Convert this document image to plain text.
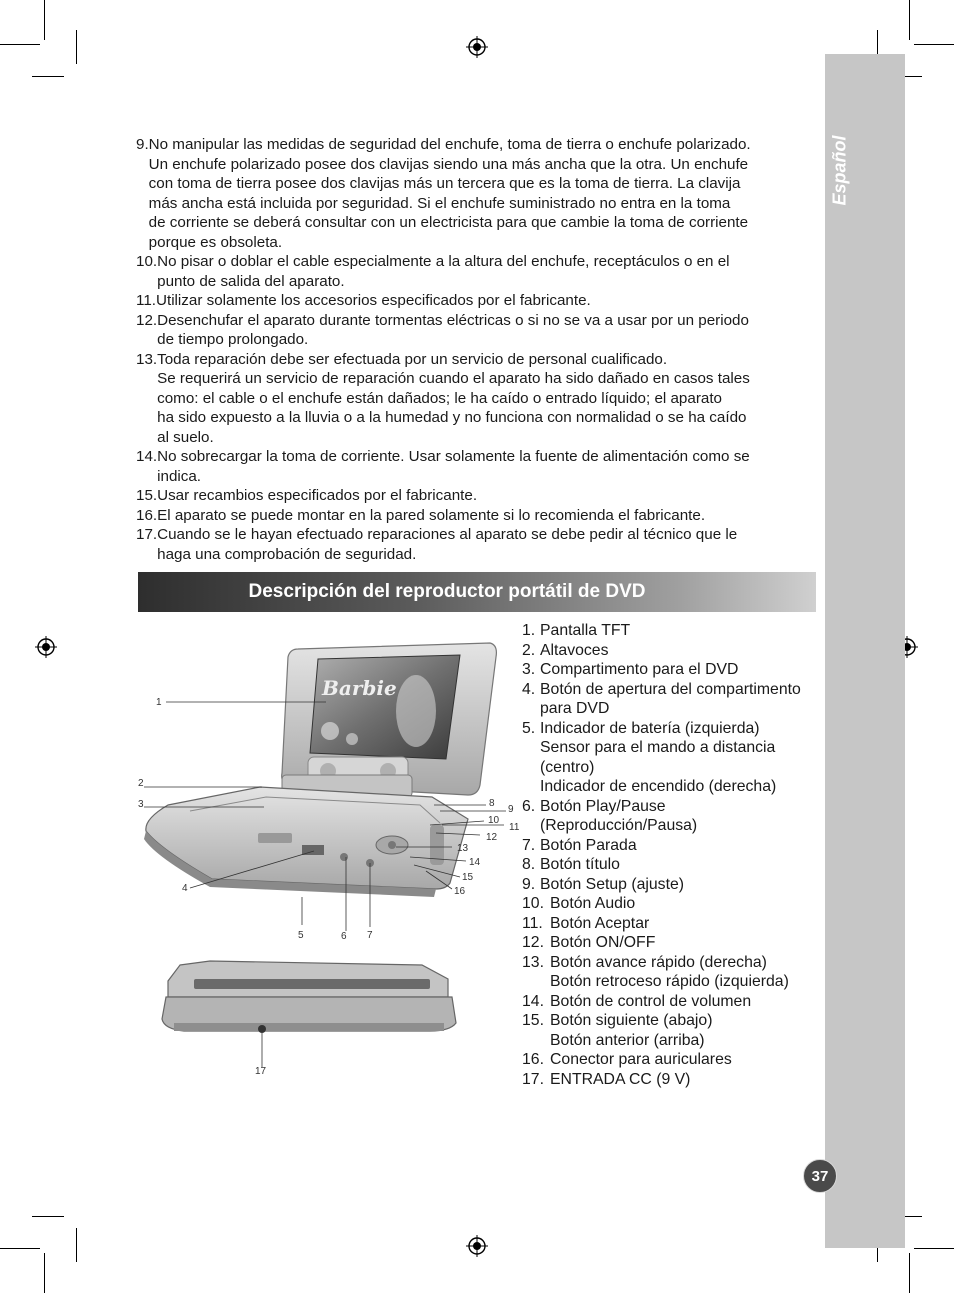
Español
37
9. No manipular las medidas de seguridad del enchufe, toma de tierra o enchufe polarizado.
Un enchufe polarizado posee dos clavijas siendo una más ancha que la otra. Un enchufe
con toma de tierra posee dos clavijas más un tercera que es la toma de tierra. La clavija
más ancha está incluida por seguridad. Si el enchufe suministrado no entra en la toma
de corriente se deberá consultar con un electricista para que cambie la toma de corriente
porque es obsoleta.
10. No pisar o doblar el cable especialmente a la altura del enchufe, receptáculos o en el
punto de salida del aparato.
11. Utilizar solamente los accesorios especificados por el fabricante.
12. Desenchufar el aparato durante tormentas eléctricas o si no se va a usar por un periodo
de tiempo prolongado.
13. Toda reparación debe ser efectuada por un servicio de personal cualificado.
Se requerirá un servicio de reparación cuando el aparato ha sido dañado en casos tales
como: el cable o el enchufe están dañados; le ha caído o entrado líquido; el aparato
ha sido expuesto a la lluvia o a la humedad y no funciona con normalidad o se ha caído
al suelo.
14. No sobrecargar la toma de corriente. Usar solamente la fuente de alimentación como se
indica.
15. Usar recambios especificados por el fabricante.
16. El aparato se puede montar en la pared solamente si lo recomienda el fabricante.
17. Cuando se le hayan efectuado reparaciones al aparato se debe pedir al técnico que le
haga una comprobación de seguridad.
Descripción del reproductor portátil de DVD
Barbie
1
2
3
4
5	6 7
8
9
10
11
12
13
14
15
16
17
1. Pantalla TFT
2. Altavoces
3. Compartimento para el DVD
4. Botón de apertura del compartimento
para DVD
5. Indicador de batería (izquierda)
Sensor para el mando a distancia
(centro)
Indicador de encendido (derecha)
6. Botón Play/Pause
(Reproducción/Pausa)
7. Botón Parada
8. Botón título
9. Botón Setup (ajuste)
10. Botón Audio
11. Botón Aceptar
12. Botón ON/OFF
13. Botón avance rápido (derecha)
Botón retroceso rápido (izquierda)
14. Botón de control de volumen
15. Botón siguiente (abajo)
Botón anterior (arriba)
16. Conector para auriculares
17. ENTRADA CC (9 V)
